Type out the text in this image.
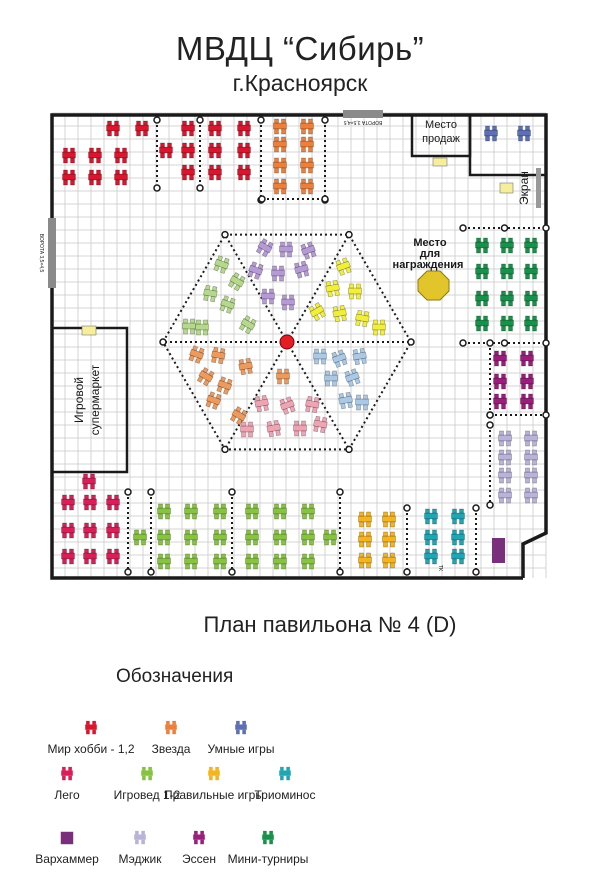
МВДЦ “Сибирь”
г.Красноярск
Место
продаж
Экран
Место
для
награждения
Игровой супермаркет
ВОРОТА 3,5×4,5
ВОРОТА 3,5×4,5
ТК
План павильона № 4 (D)
Обозначения
Мир хобби - 1,2	Звезда	Умные игры
Лего	Игровед 1-2
Правильные игры
Триоминос
Вархаммер	Мэджик	Эссен Мини-турниры
